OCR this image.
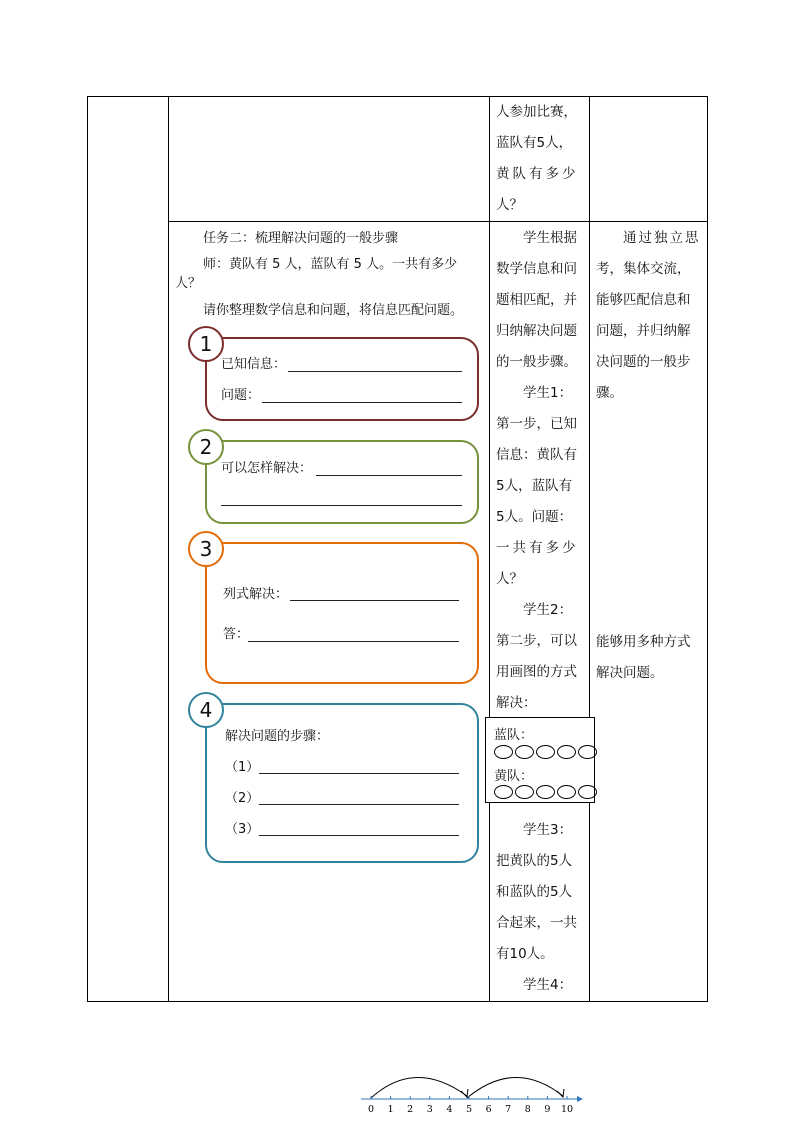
人参加比赛，
蓝队有5人，
黄队有多少
人？
任务二：梳理解决问题的一般步骤
师：黄队有 5 人，蓝队有 5 人。一共有多少
人？
请你整理数学信息和问题，将信息匹配问题。
1
已知信息：
问题：
2
可以怎样解决：
3
列式解决：
答：
4
解决问题的步骤：
（1）
（2）
（3）
学生根据
数学信息和问
题相匹配，并
归纳解决问题
的一般步骤。
学生1：
第一步，已知
信息：黄队有
5人，蓝队有
5人。问题：
一共有多少
人？
学生2：
第二步，可以
用画图的方式
解决：
蓝队：
黄队：
学生3：
把黄队的5人
和蓝队的5人
合起来，一共
有10人。
学生4：
通过独立思
考，集体交流，
能够匹配信息和
问题，并归纳解
决问题的一般步
骤。
能够用多种方式
解决问题。
0 1 2 3 4 5 6 7 8 9 10
